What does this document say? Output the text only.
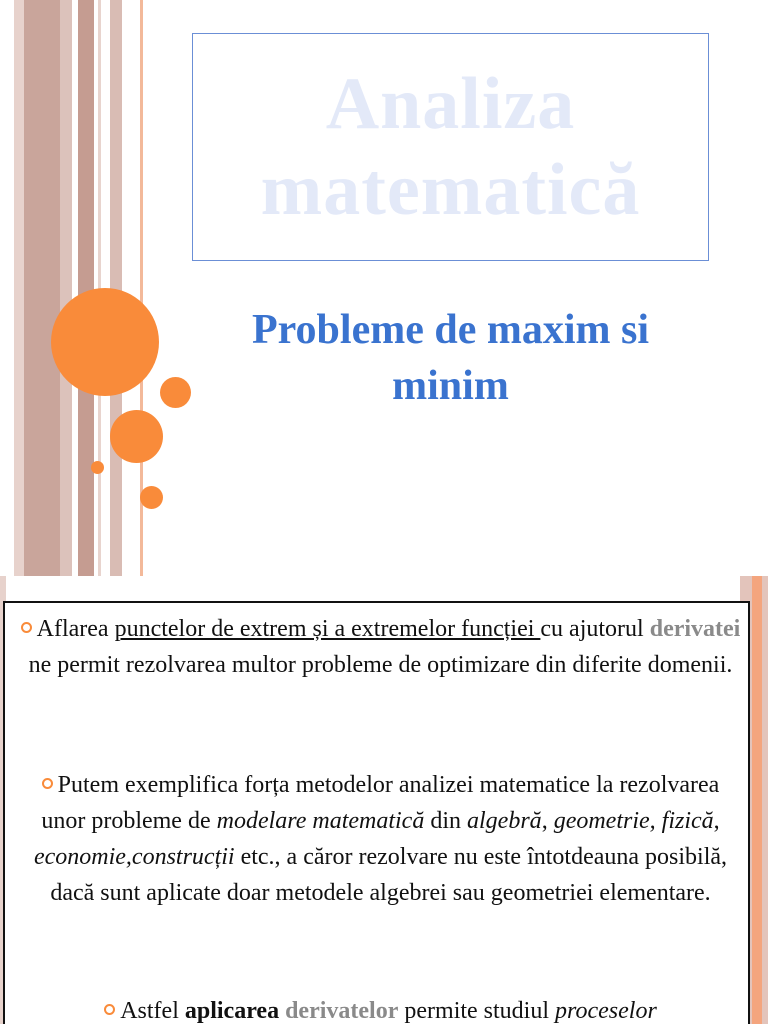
Analiza
matematică
Probleme de maxim si
minim
Aflarea punctelor de extrem și a extremelor funcției cu ajutorul derivatei ne permit rezolvarea multor probleme de optimizare din diferite domenii.
Putem exemplifica forța metodelor analizei matematice la rezolvarea unor probleme de modelare matematică din algebră, geometrie, fizică, economie,construcții etc., a căror rezolvare nu este întotdeauna posibilă, dacă sunt aplicate doar metodele algebrei sau geometriei elementare.
Astfel aplicarea derivatelor permite studiul proceselor
